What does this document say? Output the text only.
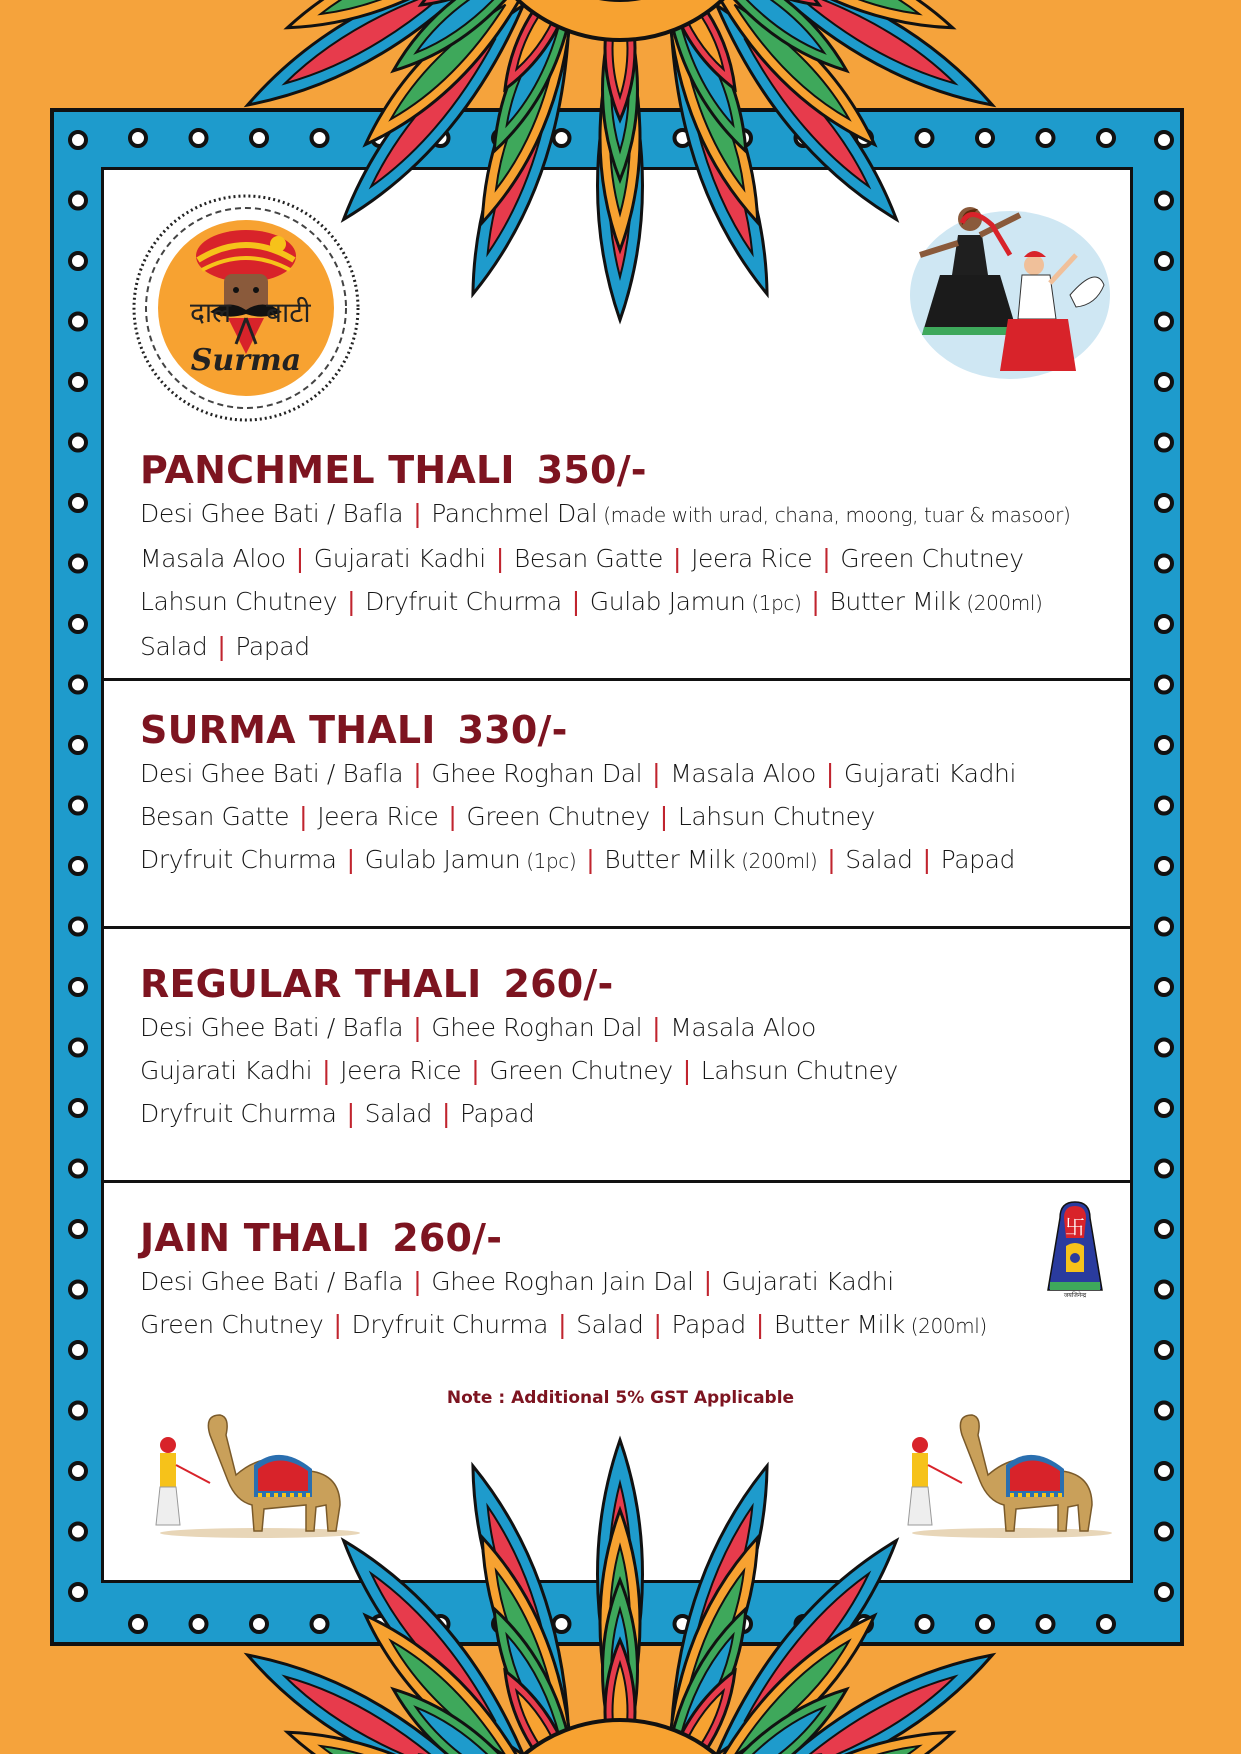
दाल बाटी
Surma
卐
जयजिनेन्द्र
PANCHMEL THALI 350/-
Desi Ghee Bati / Bafla | Panchmel Dal (made with urad, chana, moong, tuar & masoor)
Masala Aloo | Gujarati Kadhi | Besan Gatte | Jeera Rice | Green Chutney
Lahsun Chutney | Dryfruit Churma | Gulab Jamun (1pc) | Butter Milk (200ml)
Salad | Papad
SURMA THALI 330/-
Desi Ghee Bati / Bafla | Ghee Roghan Dal | Masala Aloo | Gujarati Kadhi
Besan Gatte | Jeera Rice | Green Chutney | Lahsun Chutney
Dryfruit Churma | Gulab Jamun (1pc) | Butter Milk (200ml) | Salad | Papad
REGULAR THALI 260/-
Desi Ghee Bati / Bafla | Ghee Roghan Dal | Masala Aloo
Gujarati Kadhi | Jeera Rice | Green Chutney | Lahsun Chutney
Dryfruit Churma | Salad | Papad
JAIN THALI 260/-
Desi Ghee Bati / Bafla | Ghee Roghan Jain Dal | Gujarati Kadhi
Green Chutney | Dryfruit Churma | Salad | Papad | Butter Milk (200ml)
Note : Additional 5% GST Applicable
